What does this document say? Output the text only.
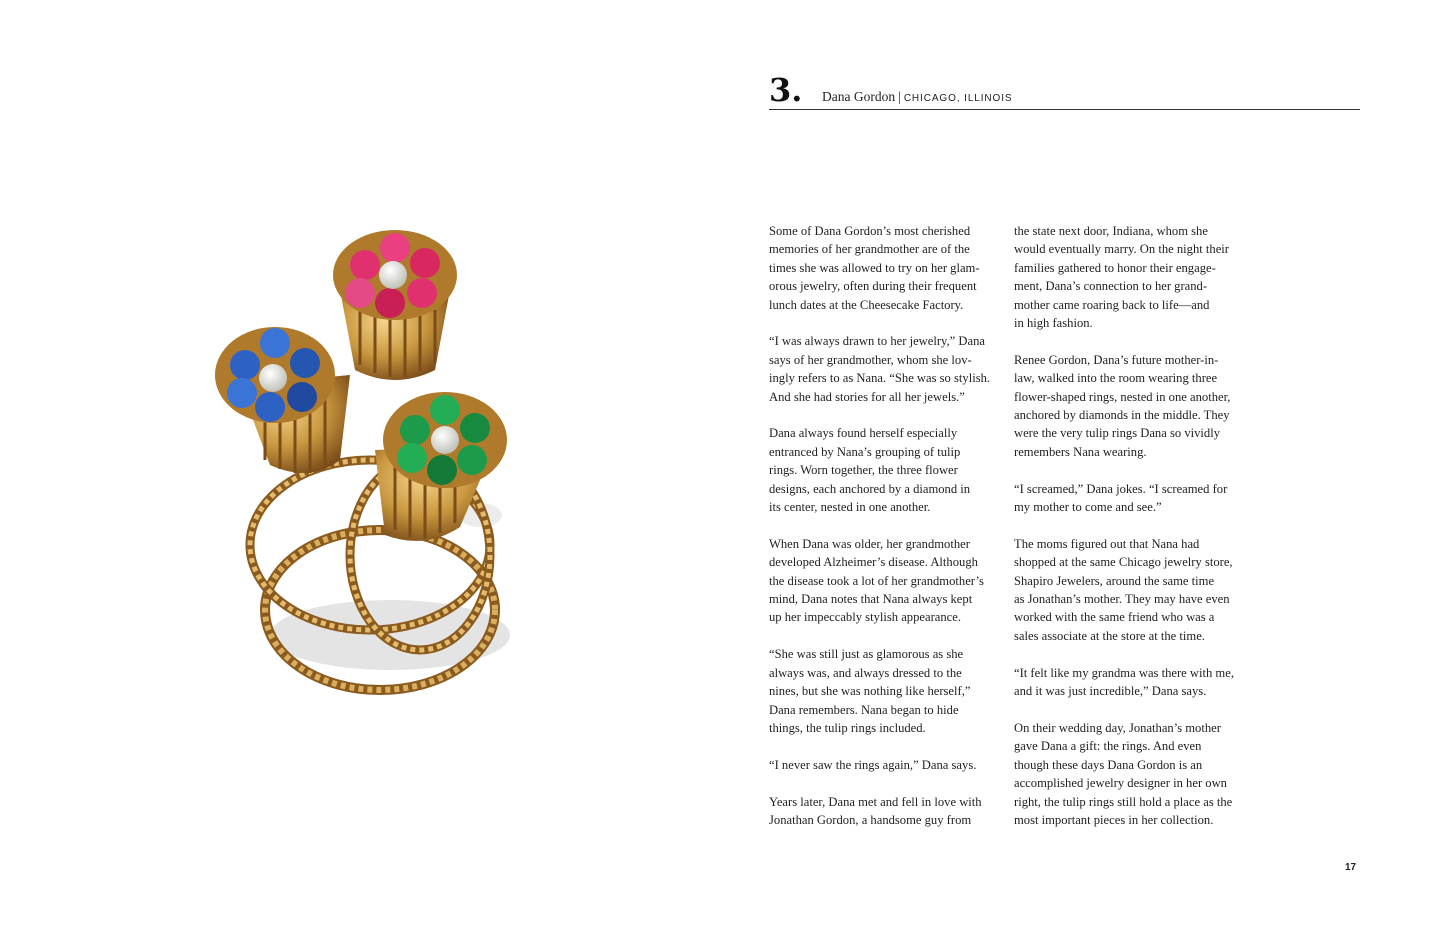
3. Dana Gordon | CHICAGO, ILLINOIS

Some of Dana Gordon’s most cherished
memories of her grandmother are of the
times she was allowed to try on her glam-
orous jewelry, often during their frequent
lunch dates at the Cheesecake Factory.

“I was always drawn to her jewelry,” Dana
says of her grandmother, whom she lov-
ingly refers to as Nana. “She was so stylish.
And she had stories for all her jewels.”

Dana always found herself especially
entranced by Nana’s grouping of tulip
rings. Worn together, the three flower
designs, each anchored by a diamond in
its center, nested in one another.

When Dana was older, her grandmother
developed Alzheimer’s disease. Although
the disease took a lot of her grandmother’s
mind, Dana notes that Nana always kept
up her impeccably stylish appearance.

“She was still just as glamorous as she
always was, and always dressed to the
nines, but she was nothing like herself,”
Dana remembers. Nana began to hide
things, the tulip rings included.

“I never saw the rings again,” Dana says.

Years later, Dana met and fell in love with
Jonathan Gordon, a handsome guy from

the state next door, Indiana, whom she
would eventually marry. On the night their
families gathered to honor their engage-
ment, Dana’s connection to her grand-
mother came roaring back to life—and
in high fashion.

Renee Gordon, Dana’s future mother-in-
law, walked into the room wearing three
flower-shaped rings, nested in one another,
anchored by diamonds in the middle. They
were the very tulip rings Dana so vividly
remembers Nana wearing.

“I screamed,” Dana jokes. “I screamed for
my mother to come and see.”

The moms figured out that Nana had
shopped at the same Chicago jewelry store,
Shapiro Jewelers, around the same time
as Jonathan’s mother. They may have even
worked with the same friend who was a
sales associate at the store at the time.

“It felt like my grandma was there with me,
and it was just incredible,” Dana says.

On their wedding day, Jonathan’s mother
gave Dana a gift: the rings. And even
though these days Dana Gordon is an
accomplished jewelry designer in her own
right, the tulip rings still hold a place as the
most important pieces in her collection.

17
